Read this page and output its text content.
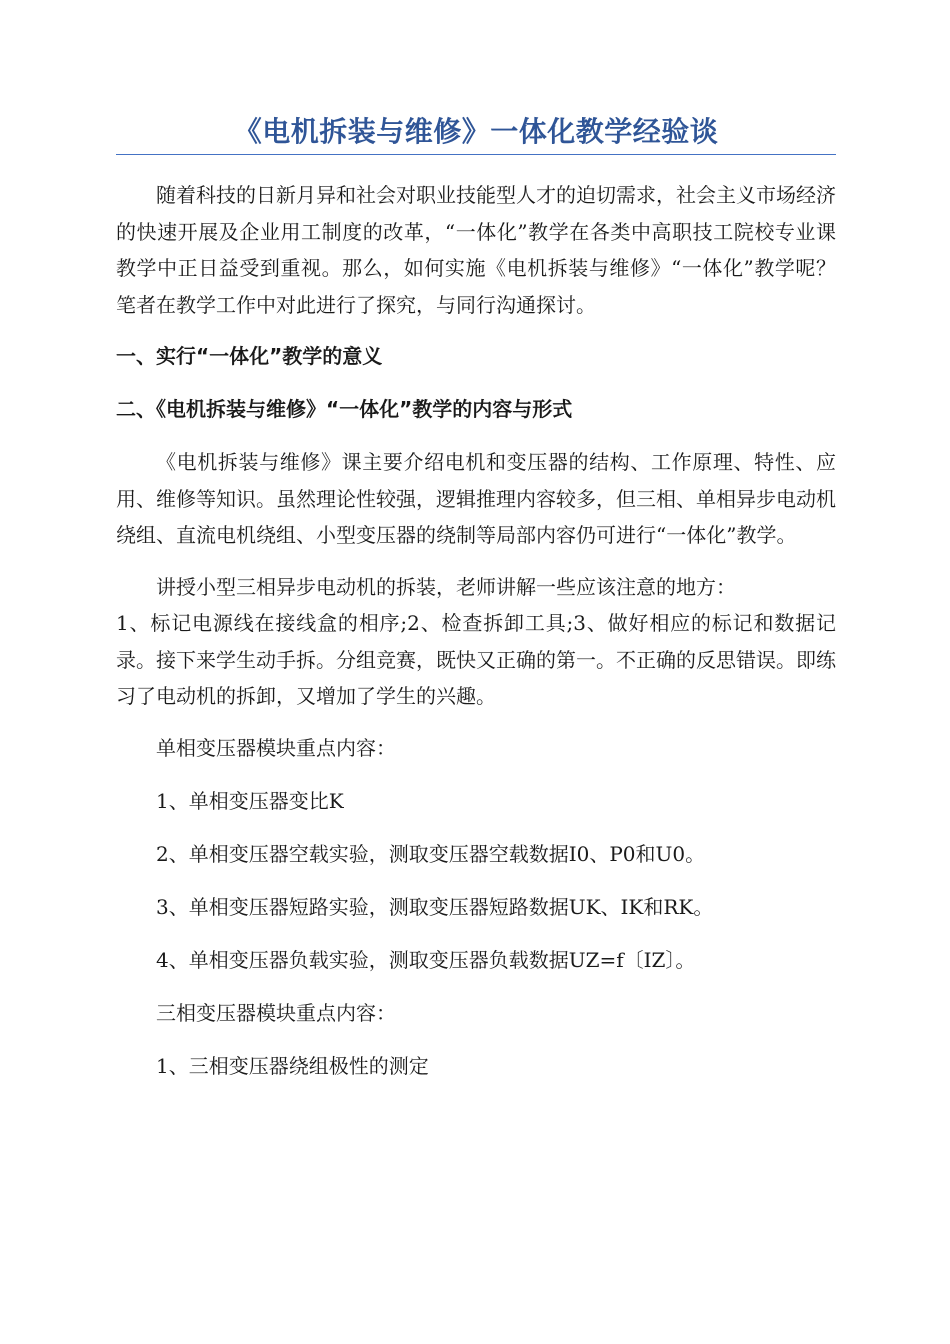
《电机拆装与维修》一体化教学经验谈

随着科技的日新月异和社会对职业技能型人才的迫切需求，社会主义市场经济的快速开展及企业用工制度的改革，“一体化”教学在各类中高职技工院校专业课教学中正日益受到重视。那么，如何实施《电机拆装与维修》“一体化”教学呢？笔者在教学工作中对此进行了探究，与同行沟通探讨。

一、实行“一体化”教学的意义
二、《电机拆装与维修》“一体化”教学的内容与形式

《电机拆装与维修》课主要介绍电机和变压器的结构、工作原理、特性、应用、维修等知识。虽然理论性较强，逻辑推理内容较多，但三相、单相异步电动机绕组、直流电机绕组、小型变压器的绕制等局部内容仍可进行“一体化”教学。

讲授小型三相异步电动机的拆装，老师讲解一些应该注意的地方：

1、标记电源线在接线盒的相序;2、检查拆卸工具;3、做好相应的标记和数据记录。接下来学生动手拆。分组竞赛，既快又正确的第一。不正确的反思错误。即练习了电动机的拆卸，又增加了学生的兴趣。

单相变压器模块重点内容：
1、单相变压器变比K
2、单相变压器空载实验，测取变压器空载数据I0、P0和U0。
3、单相变压器短路实验，测取变压器短路数据UK、IK和RK。
4、单相变压器负载实验，测取变压器负载数据UZ=f〔IZ〕。
三相变压器模块重点内容：
1、三相变压器绕组极性的测定
